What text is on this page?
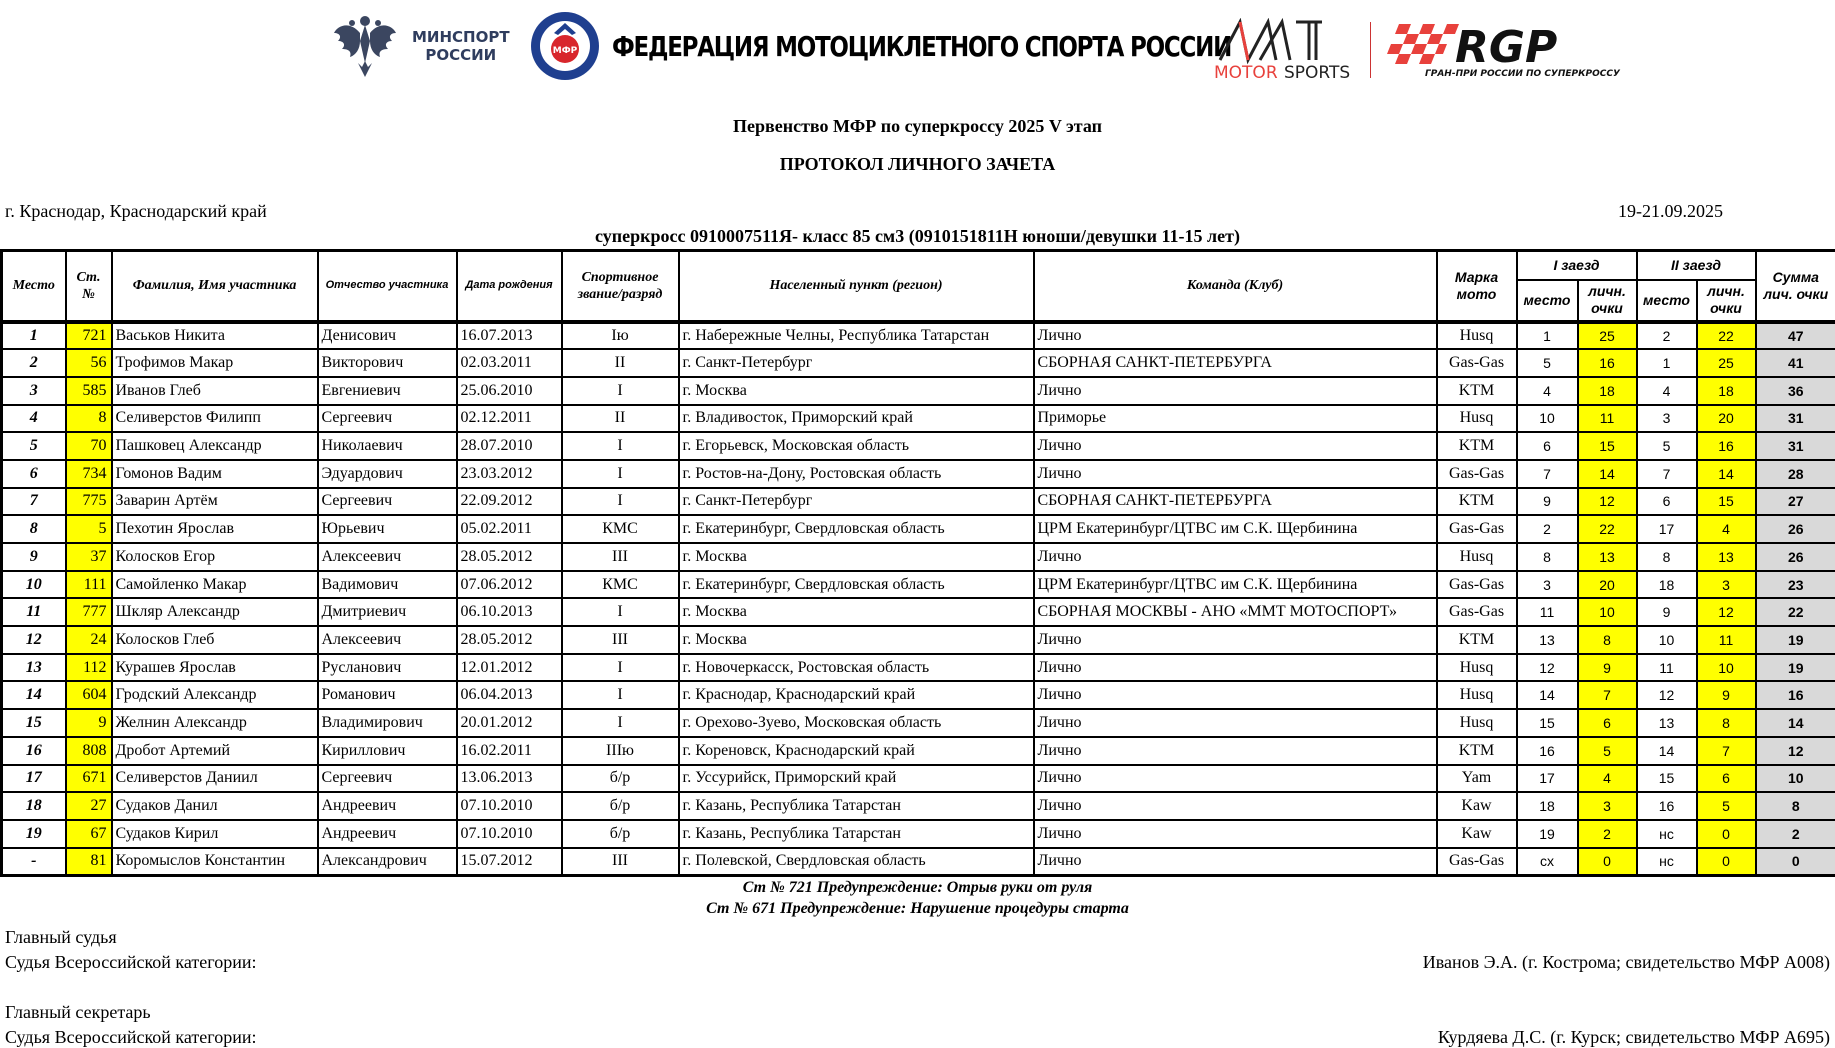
МИНСПОРТ
РОССИИ	МФР ФЕДЕРАЦИЯ МОТОЦИКЛЕТНОГО СПОРТА РОССИИ
MOTOR SPORTS
MMT	RGP
ГРАН-ПРИ РОССИИ ПО СУПЕРКРОССУ
Первенство МФР по суперкроссу 2025 V этап
ПРОТОКОЛ ЛИЧНОГО ЗАЧЕТА
г. Краснодар, Краснодарский край	19-21.09.2025
суперкросс 0910007511Я- класс 85 см3 (0910151811Н юноши/девушки 11-15 лет)
Место	Ст.
№	Фамилия, Имя участника	Отчество участника	Дата рождения	Спортивное
звание/разряд	Населенный пункт (регион)	Команда (Клуб)	Марка
мото	I заезд		II заезд		Сумма
лич. очки
									место	личн.
очки	место	личн.
очки	
1	721	Васьков Никита	Денисович	16.07.2013	Iю	г. Набережные Челны, Республика Татарстан	Лично	Husq	1	25	2	22	47
2	56	Трофимов Макар	Викторович	02.03.2011	II	г. Санкт-Петербург	СБОРНАЯ САНКТ-ПЕТЕРБУРГА	Gas-Gas	5	16	1	25	41
3	585	Иванов Глеб	Евгениевич	25.06.2010	I	г. Москва	Лично	KTM	4	18	4	18	36
4	8	Селиверстов Филипп	Сергеевич	02.12.2011	II	г. Владивосток, Приморский край	Приморье	Husq	10	11	3	20	31
5	70	Пашковец Александр	Николаевич	28.07.2010	I	г. Егорьевск, Московская область	Лично	KTM	6	15	5	16	31
6	734	Гомонов Вадим	Эдуардович	23.03.2012	I	г. Ростов-на-Дону, Ростовская область	Лично	Gas-Gas	7	14	7	14	28
7	775	Заварин Артём	Сергеевич	22.09.2012	I	г. Санкт-Петербург	СБОРНАЯ САНКТ-ПЕТЕРБУРГА	KTM	9	12	6	15	27
8	5	Пехотин Ярослав	Юрьевич	05.02.2011	КМС	г. Екатеринбург, Свердловская область	ЦРМ Екатеринбург/ЦТВС им С.К. Щербинина	Gas-Gas	2	22	17	4	26
9	37	Колосков Егор	Алексеевич	28.05.2012	III	г. Москва	Лично	Husq	8	13	8	13	26
10	111	Самойленко Макар	Вадимович	07.06.2012	КМС	г. Екатеринбург, Свердловская область	ЦРМ Екатеринбург/ЦТВС им С.К. Щербинина	Gas-Gas	3	20	18	3	23
11	777	Шкляр Александр	Дмитриевич	06.10.2013	I	г. Москва	СБОРНАЯ МОСКВЫ - АНО «ММТ МОТОСПОРТ»	Gas-Gas	11	10	9	12	22
12	24	Колосков Глеб	Алексеевич	28.05.2012	III	г. Москва	Лично	KTM	13	8	10	11	19
13	112	Курашев Ярослав	Русланович	12.01.2012	I	г. Новочеркасск, Ростовская область	Лично	Husq	12	9	11	10	19
14	604	Гродский Александр	Романович	06.04.2013	I	г. Краснодар, Краснодарский край	Лично	Husq	14	7	12	9	16
15	9	Желнин Александр	Владимирович	20.01.2012	I	г. Орехово-Зуево, Московская область	Лично	Husq	15	6	13	8	14
16	808	Дробот Артемий	Кириллович	16.02.2011	IIIю	г. Кореновск, Краснодарский край	Лично	KTM	16	5	14	7	12
17	671	Селиверстов Даниил	Сергеевич	13.06.2013	б/р	г. Уссурийск, Приморский край	Лично	Yam	17	4	15	6	10
18	27	Судаков Данил	Андреевич	07.10.2010	б/р	г. Казань, Республика Татарстан	Лично	Kaw	18	3	16	5	8
19	67	Судаков Кирил	Андреевич	07.10.2010	б/р	г. Казань, Республика Татарстан	Лично	Kaw	19	2	нс	0	2
-	81	Коромыслов Константин	Александрович	15.07.2012	III	г. Полевской, Свердловская область	Лично	Gas-Gas	сх	0	нс	0	0
Ст № 721 Предупреждение: Отрыв руки от руля
Ст № 671 Предупреждение: Нарушение процедуры старта
Главный судья
Судья Всероссийской категории:	Иванов Э.А. (г. Кострома; свидетельство МФР А008)
Главный секретарь
Судья Всероссийской категории:	Курдяева Д.С. (г. Курск; свидетельство МФР А695)
